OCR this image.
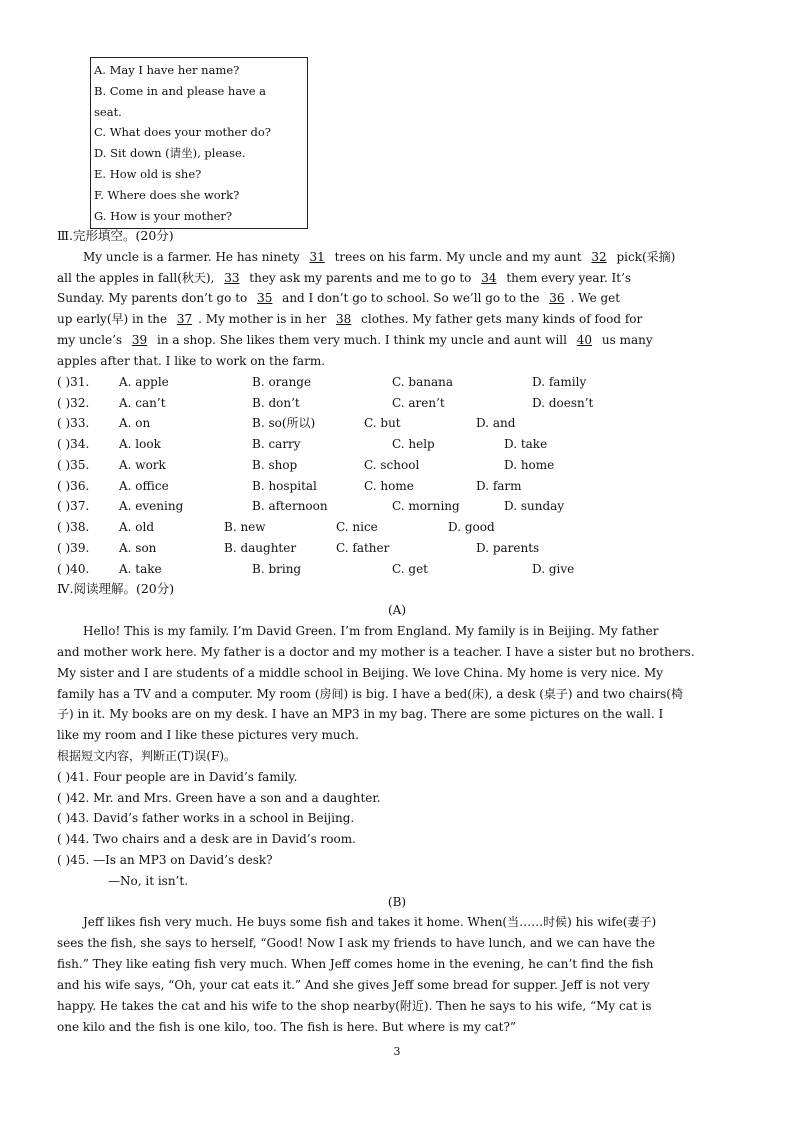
A. May I have her name?
B. Come in and please have a
seat.
C. What does your mother do?
D. Sit down (请坐), please.
E. How old is she?
F. Where does she work?
G. How is your mother?
Ⅲ.完形填空。(20分)
My uncle is a farmer. He has ninety 31 trees on his farm. My uncle and my aunt 32 pick(采摘)
all the apples in fall(秋天), 33 they ask my parents and me to go to 34 them every year. It’s
Sunday. My parents don’t go to 35 and I don’t go to school. So we’ll go to the 36 . We get
up early(早) in the 37 . My mother is in her 38 clothes. My father gets many kinds of food for
my uncle’s 39 in a shop. She likes them very much. I think my uncle and aunt will 40 us many
apples after that. I like to work on the farm.
( )31. A. apple	B. orange	C. banana	D. family
( )32. A. can’t	B. don’t	C. aren’t	D. doesn’t
( )33. A. on	B. so(所以)	C. but	D. and
( )34. A. look	B. carry	C. help	D. take
( )35. A. work	B. shop	C. school	D. home
( )36. A. office	B. hospital	C. home	D. farm
( )37. A. evening	B. afternoon	C. morning	D. sunday
( )38. A. old	B. new	C. nice	D. good
( )39. A. son	B. daughter	C. father	D. parents
( )40. A. take	B. bring	C. get	D. give
Ⅳ.阅读理解。(20分)
(A)
Hello! This is my family. I’m David Green. I’m from England. My family is in Beijing. My father
and mother work here. My father is a doctor and my mother is a teacher. I have a sister but no brothers.
My sister and I are students of a middle school in Beijing. We love China. My home is very nice. My
family has a TV and a computer. My room (房间) is big. I have a bed(床), a desk (桌子) and two chairs(椅
子) in it. My books are on my desk. I have an MP3 in my bag. There are some pictures on the wall. I
like my room and I like these pictures very much.
根据短文内容，判断正(T)误(F)。
( )41. Four people are in David’s family.
( )42. Mr. and Mrs. Green have a son and a daughter.
( )43. David’s father works in a school in Beijing.
( )44. Two chairs and a desk are in David’s room.
( )45. —Is an MP3 on David’s desk?
—No, it isn’t.
(B)
Jeff likes fish very much. He buys some fish and takes it home. When(当……时候) his wife(妻子)
sees the fish, she says to herself, “Good! Now I ask my friends to have lunch, and we can have the
fish.” They like eating fish very much. When Jeff comes home in the evening, he can’t find the fish
and his wife says, “Oh, your cat eats it.” And she gives Jeff some bread for supper. Jeff is not very
happy. He takes the cat and his wife to the shop nearby(附近). Then he says to his wife, “My cat is
one kilo and the fish is one kilo, too. The fish is here. But where is my cat?”
3
